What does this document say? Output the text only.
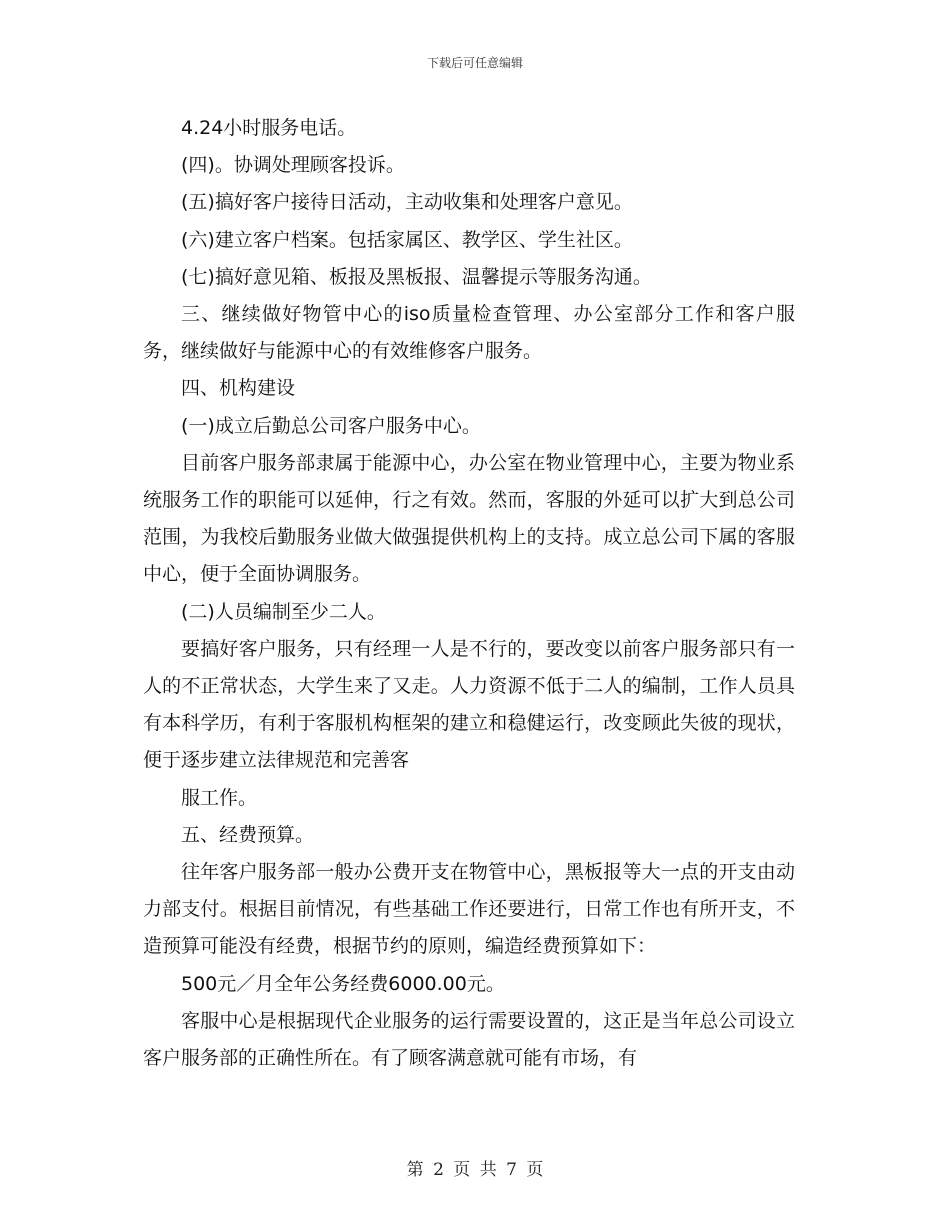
下载后可任意编辑

4.24小时服务电话。

(四)。协调处理顾客投诉。

(五)搞好客户接待日活动，主动收集和处理客户意见。

(六)建立客户档案。包括家属区、教学区、学生社区。

(七)搞好意见箱、板报及黑板报、温馨提示等服务沟通。

三、继续做好物管中心的iso质量检查管理、办公室部分工作和客户服务，继续做好与能源中心的有效维修客户服务。

四、机构建设

(一)成立后勤总公司客户服务中心。

目前客户服务部隶属于能源中心，办公室在物业管理中心，主要为物业系统服务工作的职能可以延伸，行之有效。然而，客服的外延可以扩大到总公司范围，为我校后勤服务业做大做强提供机构上的支持。成立总公司下属的客服中心，便于全面协调服务。

(二)人员编制至少二人。

要搞好客户服务，只有经理一人是不行的，要改变以前客户服务部只有一人的不正常状态，大学生来了又走。人力资源不低于二人的编制，工作人员具有本科学历，有利于客服机构框架的建立和稳健运行，改变顾此失彼的现状，便于逐步建立法律规范和完善客

服工作。

五、经费预算。

往年客户服务部一般办公费开支在物管中心，黑板报等大一点的开支由动力部支付。根据目前情况，有些基础工作还要进行，日常工作也有所开支，不造预算可能没有经费，根据节约的原则，编造经费预算如下：

500元／月全年公务经费6000.00元。

客服中心是根据现代企业服务的运行需要设置的，这正是当年总公司设立客户服务部的正确性所在。有了顾客满意就可能有市场，有

第 2 页 共 7 页
